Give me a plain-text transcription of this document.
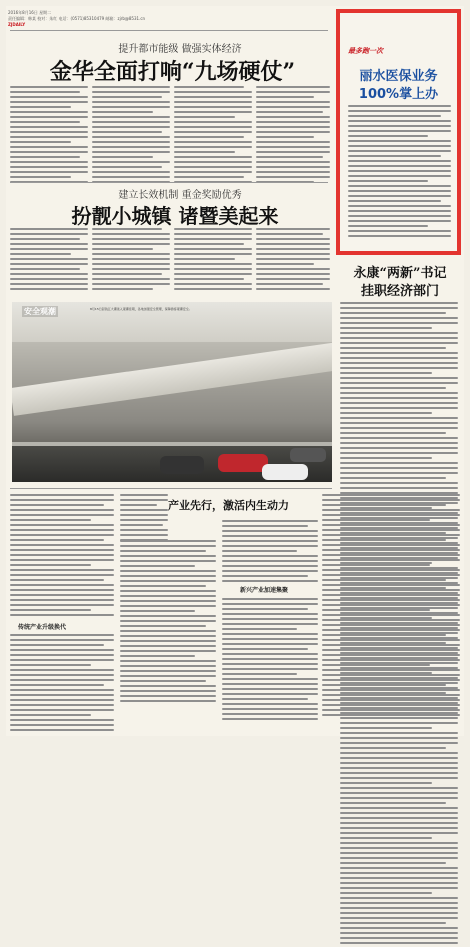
2016年8月16日 星期二
责任编辑：韩某 校对：朱红 电话：(0571)85310479 邮箱：zjrb@8531.cn
ZJDAILY
提升都市能级 做强实体经济
金华全面打响“九场硬仗”
建立长效机制 重金奖励优秀
扮靓小城镇 诸暨美起来
安全观潮	8月15日起钱江大潮进入观潮佳期，各地加强安全管理，保障游客观潮安全。
最多跑一次
丽水医保业务
100%掌上办
永康“两新”书记
挂职经济部门
传统产业升级换代
产业先行，激活内生动力
新兴产业加速集聚
